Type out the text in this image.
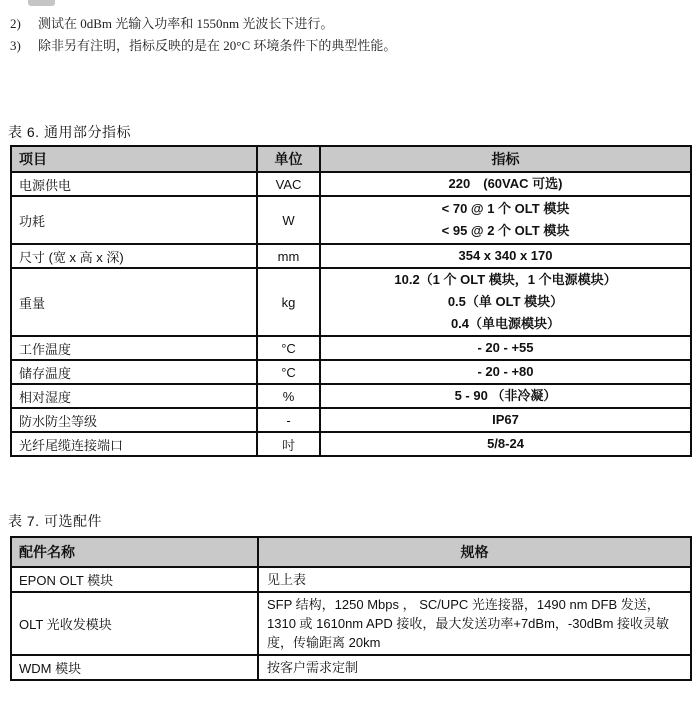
2)	测试在 0dBm 光输入功率和 1550nm 光波长下进行。
3)	除非另有注明，指标反映的是在 20°C 环境条件下的典型性能。
表 6. 通用部分指标
项目	单位	指标
电源供电	VAC	220　(60VAC 可选)

功耗	W	< 70 @ 1 个 OLT 模块
< 95 @ 2 个 OLT 模块

尺寸 (宽 x 高 x 深)	mm	354 x 340 x 170

重量	kg	10.2（1 个 OLT 模块，1 个电源模块）
0.5（单 OLT 模块）
0.4（单电源模块）

工作温度	°C	- 20 - +55

储存温度	°C	- 20 - +80

相对湿度	%	5 - 90 （非冷凝）

防水防尘等级	-	IP67

光纤尾缆连接端口	吋	5/8-24
表 7. 可选配件
配件名称	规格
EPON OLT 模块	见上表
OLT 光收发模块	SFP 结构，1250 Mbps ， SC/UPC 光连接器，1490 nm DFB 发送，1310 或 1610nm APD 接收，最大发送功率+7dBm，-30dBm 接收灵敏度，传输距离 20km
WDM 模块	按客户需求定制
